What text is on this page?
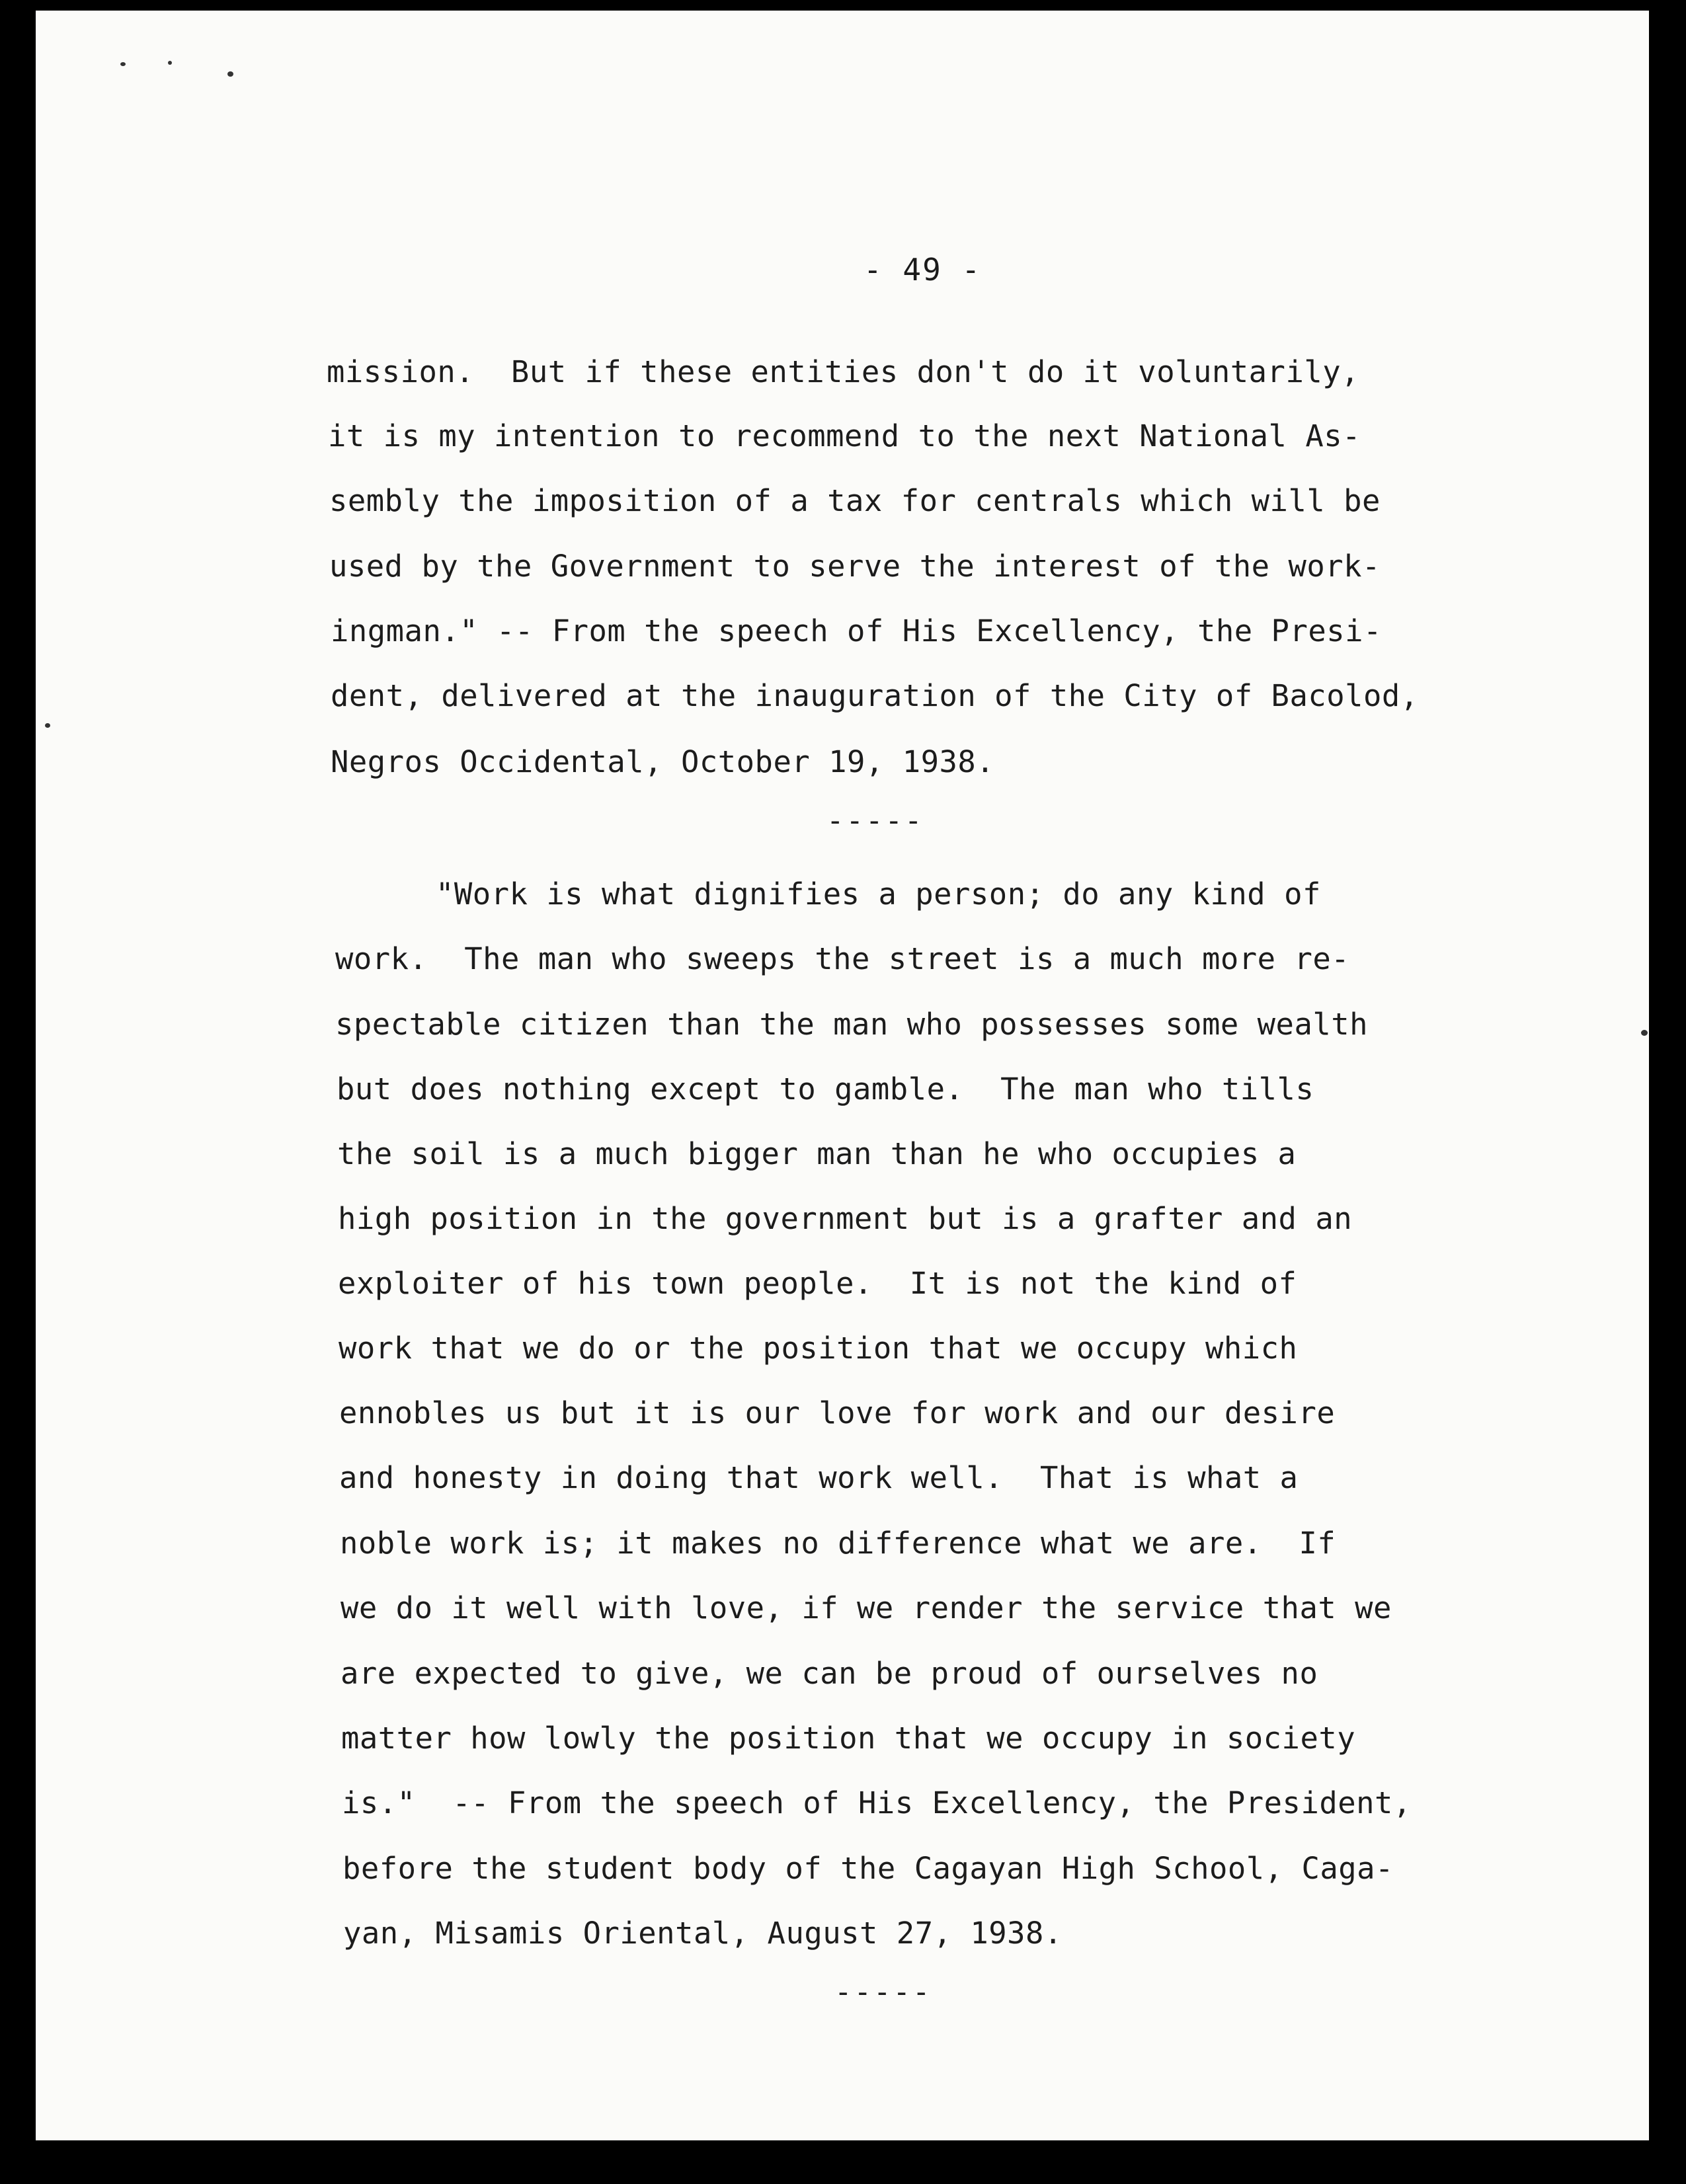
- 49 -
mission.  But if these entities don't do it voluntarily,
it is my intention to recommend to the next National As-
sembly the imposition of a tax for centrals which will be
used by the Government to serve the interest of the work-
ingman." -- From the speech of His Excellency, the Presi-
dent, delivered at the inauguration of the City of Bacolod,
Negros Occidental, October 19, 1938.
-----
"Work is what dignifies a person; do any kind of
work.  The man who sweeps the street is a much more re-
spectable citizen than the man who possesses some wealth
but does nothing except to gamble.  The man who tills
the soil is a much bigger man than he who occupies a
high position in the government but is a grafter and an
exploiter of his town people.  It is not the kind of
work that we do or the position that we occupy which
ennobles us but it is our love for work and our desire
and honesty in doing that work well.  That is what a
noble work is; it makes no difference what we are.  If
we do it well with love, if we render the service that we
are expected to give, we can be proud of ourselves no
matter how lowly the position that we occupy in society
is."  -- From the speech of His Excellency, the President,
before the student body of the Cagayan High School, Caga-
yan, Misamis Oriental, August 27, 1938.
-----
